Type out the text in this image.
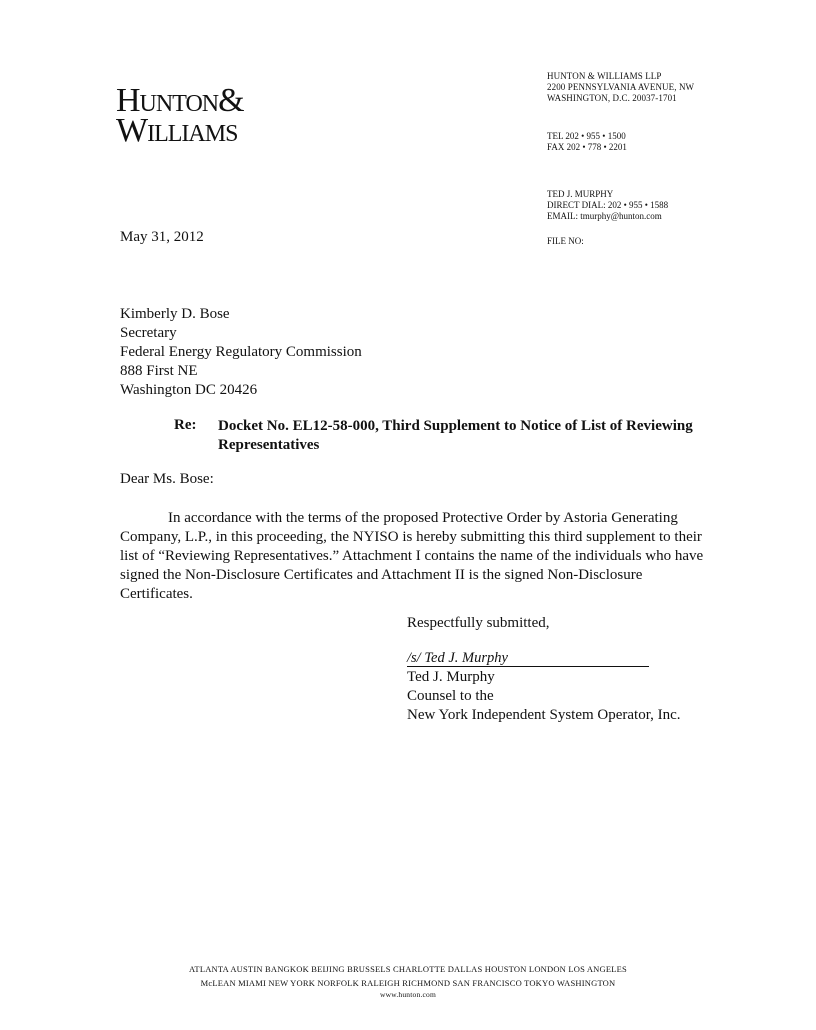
Hunton&
Williams
HUNTON & WILLIAMS LLP
2200 PENNSYLVANIA AVENUE, NW
WASHINGTON, D.C. 20037-1701
TEL 202 • 955 • 1500
FAX 202 • 778 • 2201
TED J. MURPHY
DIRECT DIAL: 202 • 955 • 1588
EMAIL: tmurphy@hunton.com
FILE NO:
May 31, 2012
Kimberly D. Bose
Secretary
Federal Energy Regulatory Commission
888 First NE
Washington DC 20426
Re: Docket No. EL12-58-000, Third Supplement to Notice of List of Reviewing Representatives
Dear Ms. Bose:

In accordance with the terms of the proposed Protective Order by Astoria Generating Company, L.P., in this proceeding, the NYISO is hereby submitting this third supplement to their list of “Reviewing Representatives.” Attachment I contains the name of the individuals who have signed the Non-Disclosure Certificates and Attachment II is the signed Non-Disclosure Certificates.

Respectfully submitted,
/s/ Ted J. Murphy
Ted J. Murphy
Counsel to the
New York Independent System Operator, Inc.
ATLANTA AUSTIN BANGKOK BEIJING BRUSSELS CHARLOTTE DALLAS HOUSTON LONDON LOS ANGELES
McLEAN MIAMI NEW YORK NORFOLK RALEIGH RICHMOND SAN FRANCISCO TOKYO WASHINGTON
www.hunton.com
